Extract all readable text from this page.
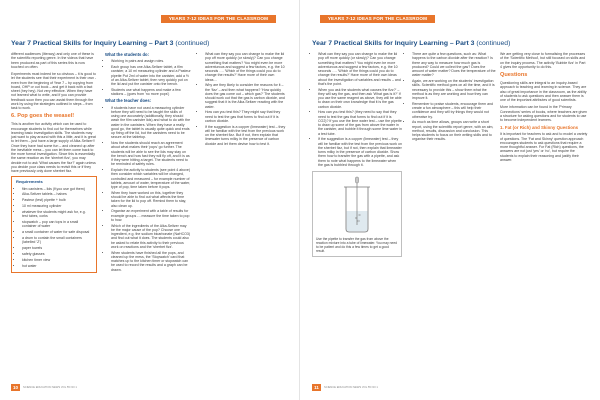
YEARS 7-12 IDEAS FOR THE CLASSROOM
Year 7 Practical Skills for Inquiry Learning – Part 3 (continued)

different audiences (literacy) and only one of these is the scientific reporting genre. In the videos that have been produced as part of this series this is now touched on often.

Experiments must indeed be so obvious – it is good to let the students see that their experiment is their own - even from the beginning of Year 7 – by copying from board, OHP or out book – and get it back with a fact sheet (hey hey). Not very effective. When they have not learned what to write, and if you can provide feedback soon then you can assist them through the work by using the strategies outlined in steps – from task to work.

6. Pop goes the weasel!

This is another fun activity which can be used to encourage students to find out for themselves while learning basic investigation skills. The students may just want to play around with this a little, and it is great to let them – just have a large supply of Alka-Seltzer!! Once they have had some fun – and cleaned up after the inevitable mess – you can let them come back to the more formal investigation. Since this is essentially the same reaction as the 'sherbet fizz', you may decide not to ask 'What causes the fizz?' again unless you decide your class needs to revisit this or if they have previously only done sherbet fizz.

Requirements
• film canisters – lids (Kyoo use got them)
• Alka-Seltzer tablets – halves
• Pasteur (test) pipette + bulb
• 10 ml measuring cylinder
• whatever the students might ask for, e.g. test tubes, corks
• stopwatch – pop can tops in a small container of water
• a small container of water for safe disposal
• a drum to contain the small containers (labelled 'Z')
• paper towels
• safety glasses
• kitchen timer view
• hot water
What the students do:
• Working in pairs and assign roles.
• Each group has one Alka-Seltzer tablet, a film canister, a 10 ml measuring cylinder and a Pasteur pipette Put 2ml of water into the canister, add a ½ of an Alka-Seltzer tablet, then very quickly put on the lid and put the canister onto the bench.
• Students use what happens and make a few stations – (goes from 'no more pops')
What the teacher does:
• If students have not used a measuring cylinder before they will need to be taught the skills of using one accurately (additionally, they should wash the film canister lids) and what to do with the water in the canisters. When they have a really good go, the tablet is usually quite quick and ends up firing off the lid, but the canisters need to be secure at the tabletop.
• Now the students should reach an agreement about what makes their 'pops' go further. The students will be able to see the lids may stay on the bench and how fast they will fly off, and it is as if they were hitting a target. The students need to be reminded of safety rules.
• Explain the activity to students (see point 4 above) then consider which variables will be changed, controlled and measured – for example number of tablets, amount of water, temperature of the water, type of pop, time taken before it pops.
• When they have worked on this, together they should be able to find out what affects the time taken for the lid to pop off. Remind them to stay, also clean up.
• Organise an experiment with a table of results for example groups - - measure the time taken to pop to how.
• Which of the ingredients of the Alka-Seltzer may be the major cause of the pop? Choose one ingredient, e.g. the sodium bicarbonate (NaHCO3) and find out what it does. The students could also be asked to relate this activity to their previous work on reactions and the 'sherbet fizz'.
• When students have finished all the pops, and cleaned up the mess, the 'Stopwatch' card that matches up to the kitchen timer or stopwatch can be used to record the results and a graph can be drawn.
• What can they say you can change to make the lid pop off more quickly (or slowly)? Can you change something that matters? You might even be more adventurous and suggest a few factors, e.g. the 10 seconds …. 'Which of the things could you do to change the results?' Have more of their own ideas…
• Why are they likely to consider the reasons for it – the 'fizz' – and then what happens? 'How quickly does the gas come out – which gas?' The students should work out that the gas is carbon dioxide, and suggest that it is the Alka-Seltzer reacting with the water.
• How can you test this? They might say that they need to test the gas that forms to find out if it is carbon dioxide.
• If the suggestion is a copper (limewater) test – they will be familiar with the test from the previous work on the sherbet fizz. But if not, then explain that limewater turns milky in the presence of carbon dioxide and let them devise how to test it.
10	SCIENCE EDUCATION NEWS VOL 55 NO 1
YEARS 7-12 IDEAS FOR THE CLASSROOM
Year 7 Practical Skills for Inquiry Learning – Part 3 (continued)
• What can they say you can change to make the lid pop off more quickly (or slowly)? Can you change something that matters? You might even be more adventurous and suggest a few factors, e.g. the 10 seconds …. 'Which of the things could you do to change the results?' Have more of their own ideas about the investigation of variables and results – and that's the point.
• When you ask the students what causes the fizz?' – they will say the gas, and then ask 'What gas is it?' If you use the same reagent as above, they will be able to draw on their own knowledge that it is the gas carbon dioxide.
• How can you test this? (they need to say that they need to test the gas that forms to find out if it is CO2)? If you use the lime water test – use the pipette to draw up some of the gas from above the water in the canister, and bubble it through some lime water in a test tube.
• If the suggestion is a copper (limewater) test – they will be familiar with the test from the previous work on the sherbet fizz, but if not, then explain that limewater turns milky in the presence of carbon dioxide. Show them how to transfer the gas with a pipette, and ask them to note what happens to the limewater when the gas is bubbled through it.
Use the pipette to transfer the gas from above the reaction mixture into a tube of limewater. You may need to be patient and do this a few times to get a good result.
• There are quite a few questions, such as: What happens to the carbon dioxide after the reaction? Is there any way to measure how much gas is produced? Could we collect the gas? Does the amount of water matter? Does the temperature of the water matter?
• Again, we are working on the students' investigation skills. Scientific method goes on all the time, and it is necessary to provide this – show them what the method is as they are working and how they can improve it.
• Remember to praise students, encourage them and create a fun atmosphere – this will help their confidence and they will try things they would not otherwise try.
• As much as time allows, groups can write a short report, using the scientific report genre, with an aim, method, results, discussion and conclusion. This helps students to focus on their writing skills and to organise their results.

We are getting very close to formalising the processes of the 'Scientific Method', but still focused on skills and on the inquiry process. The activity 'Bubble fizz' in Part 4 gives the opportunity to do this.

Questions

Questioning skills are integral to an inquiry-based approach to teaching and learning in science. They are also of great importance in the classroom, as the ability of students to ask questions and then answer them is one of the important attributes of good scientists.

More information can be found in the 'Primary Connections' series of books, where teachers are given a structure for asking questions and for students to use to become independent learners.

1. Fat (or Rich) and Skinny Questions

It is important for teachers to ask and to model a variety of questions. The 'Fat and Skinny' question approach encourages students to ask questions that require a more thoughtful answer. For Fat (Rich) questions, the answers are not just 'yes' or 'no', but require the students to explain their reasoning and justify their answer.

11	SCIENCE EDUCATION NEWS VOL 55 NO 1
